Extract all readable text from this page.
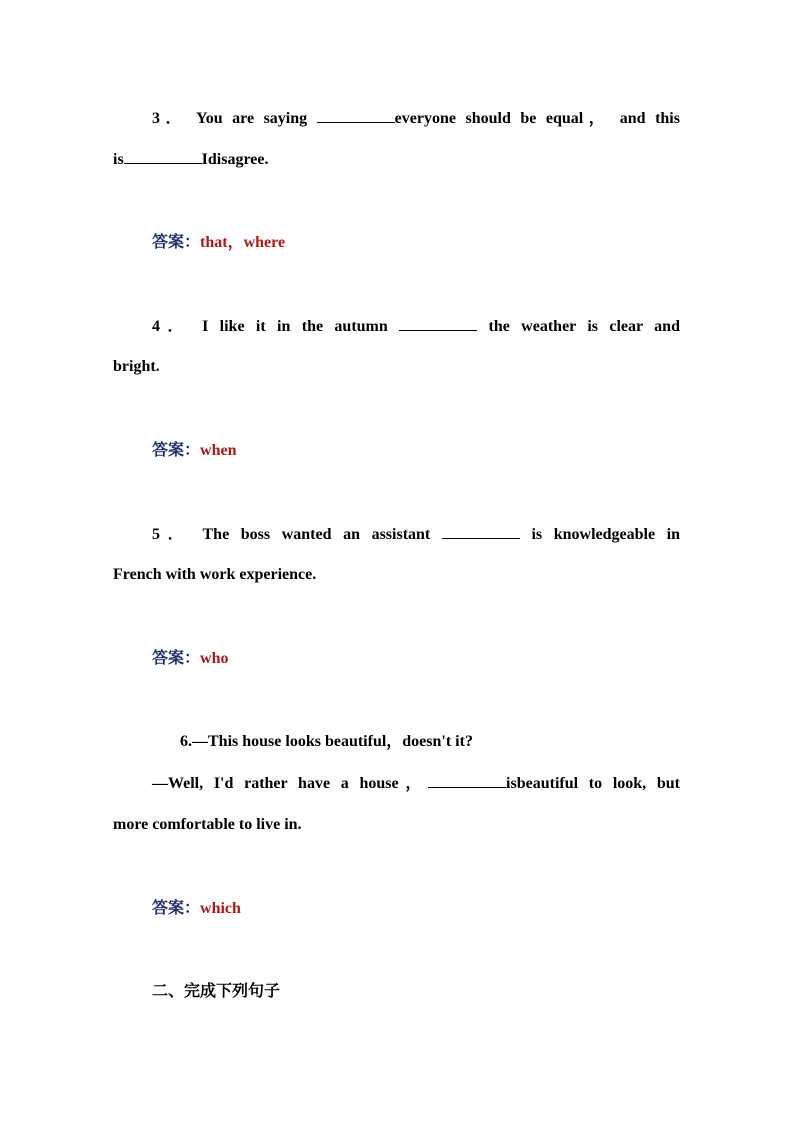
3． You are saying	everyone should be equal， and this
is	Idisagree.
答案：that，where
4． I like it in the autumn	the weather is clear and
bright.
答案：when
5． The boss wanted an assistant	is knowledgeable in
French with work experience.
答案：who
6.—This house looks beautiful，doesn't it?
—Well, I'd rather have a house，	isbeautiful to look, but
more comfortable to live in.
答案：which
二、完成下列句子
